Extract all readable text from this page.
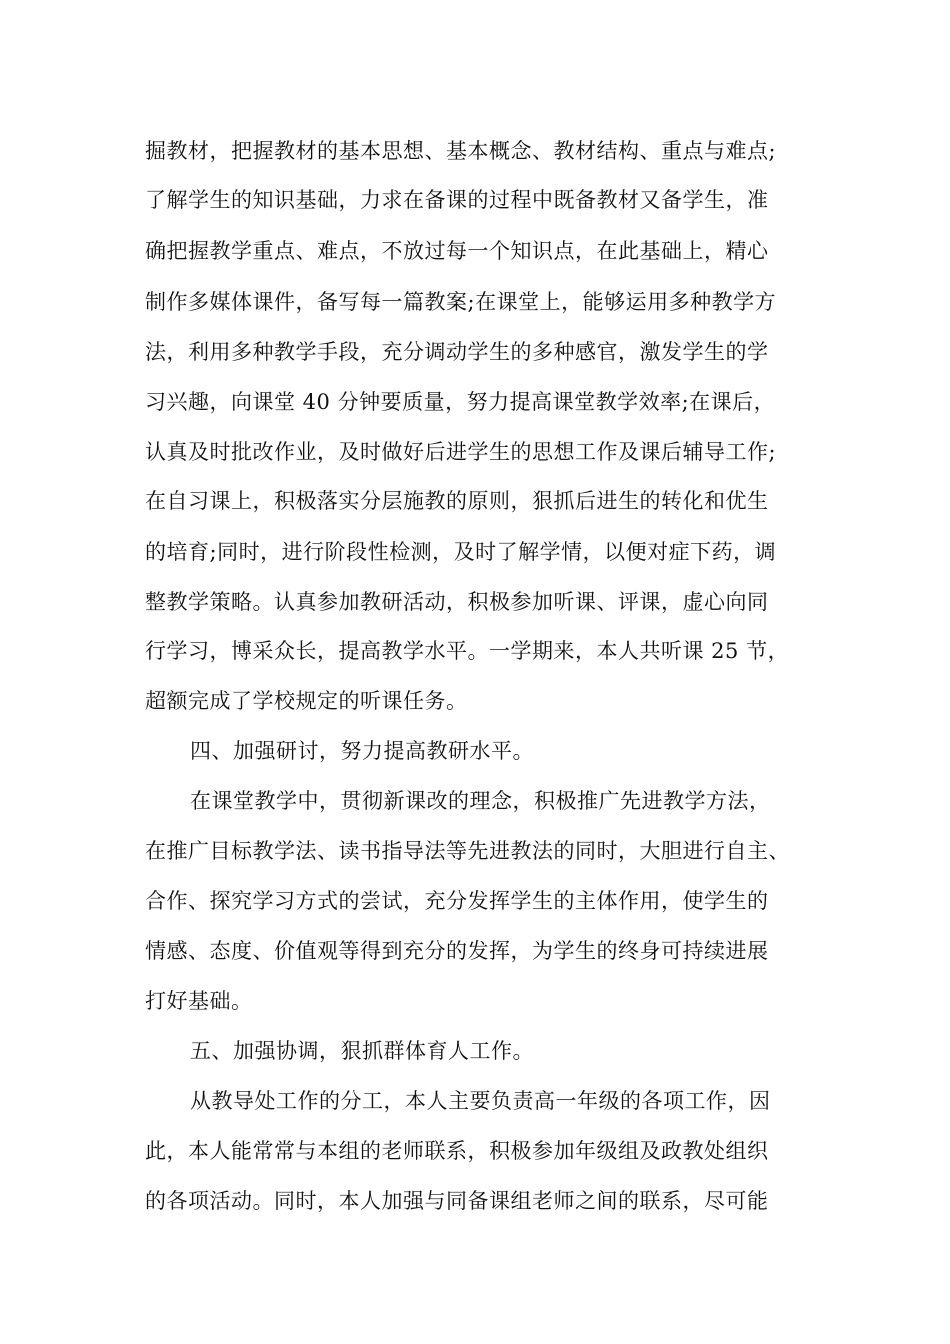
掘教材，把握教材的基本思想、基本概念、教材结构、重点与难点;
了解学生的知识基础，力求在备课的过程中既备教材又备学生，准
确把握教学重点、难点，不放过每一个知识点，在此基础上，精心
制作多媒体课件，备写每一篇教案;在课堂上，能够运用多种教学方
法，利用多种教学手段，充分调动学生的多种感官，激发学生的学
习兴趣，向课堂 40 分钟要质量，努力提高课堂教学效率;在课后，
认真及时批改作业，及时做好后进学生的思想工作及课后辅导工作;
在自习课上，积极落实分层施教的原则，狠抓后进生的转化和优生
的培育;同时，进行阶段性检测，及时了解学情，以便对症下药，调
整教学策略。认真参加教研活动，积极参加听课、评课，虚心向同
行学习，博采众长，提高教学水平。一学期来，本人共听课 25 节，
超额完成了学校规定的听课任务。
四、加强研讨，努力提高教研水平。
在课堂教学中，贯彻新课改的理念，积极推广先进教学方法，
在推广目标教学法、读书指导法等先进教法的同时，大胆进行自主、
合作、探究学习方式的尝试，充分发挥学生的主体作用，使学生的
情感、态度、价值观等得到充分的发挥，为学生的终身可持续进展
打好基础。
五、加强协调，狠抓群体育人工作。
从教导处工作的分工，本人主要负责高一年级的各项工作，因
此，本人能常常与本组的老师联系，积极参加年级组及政教处组织
的各项活动。同时，本人加强与同备课组老师之间的联系，尽可能
